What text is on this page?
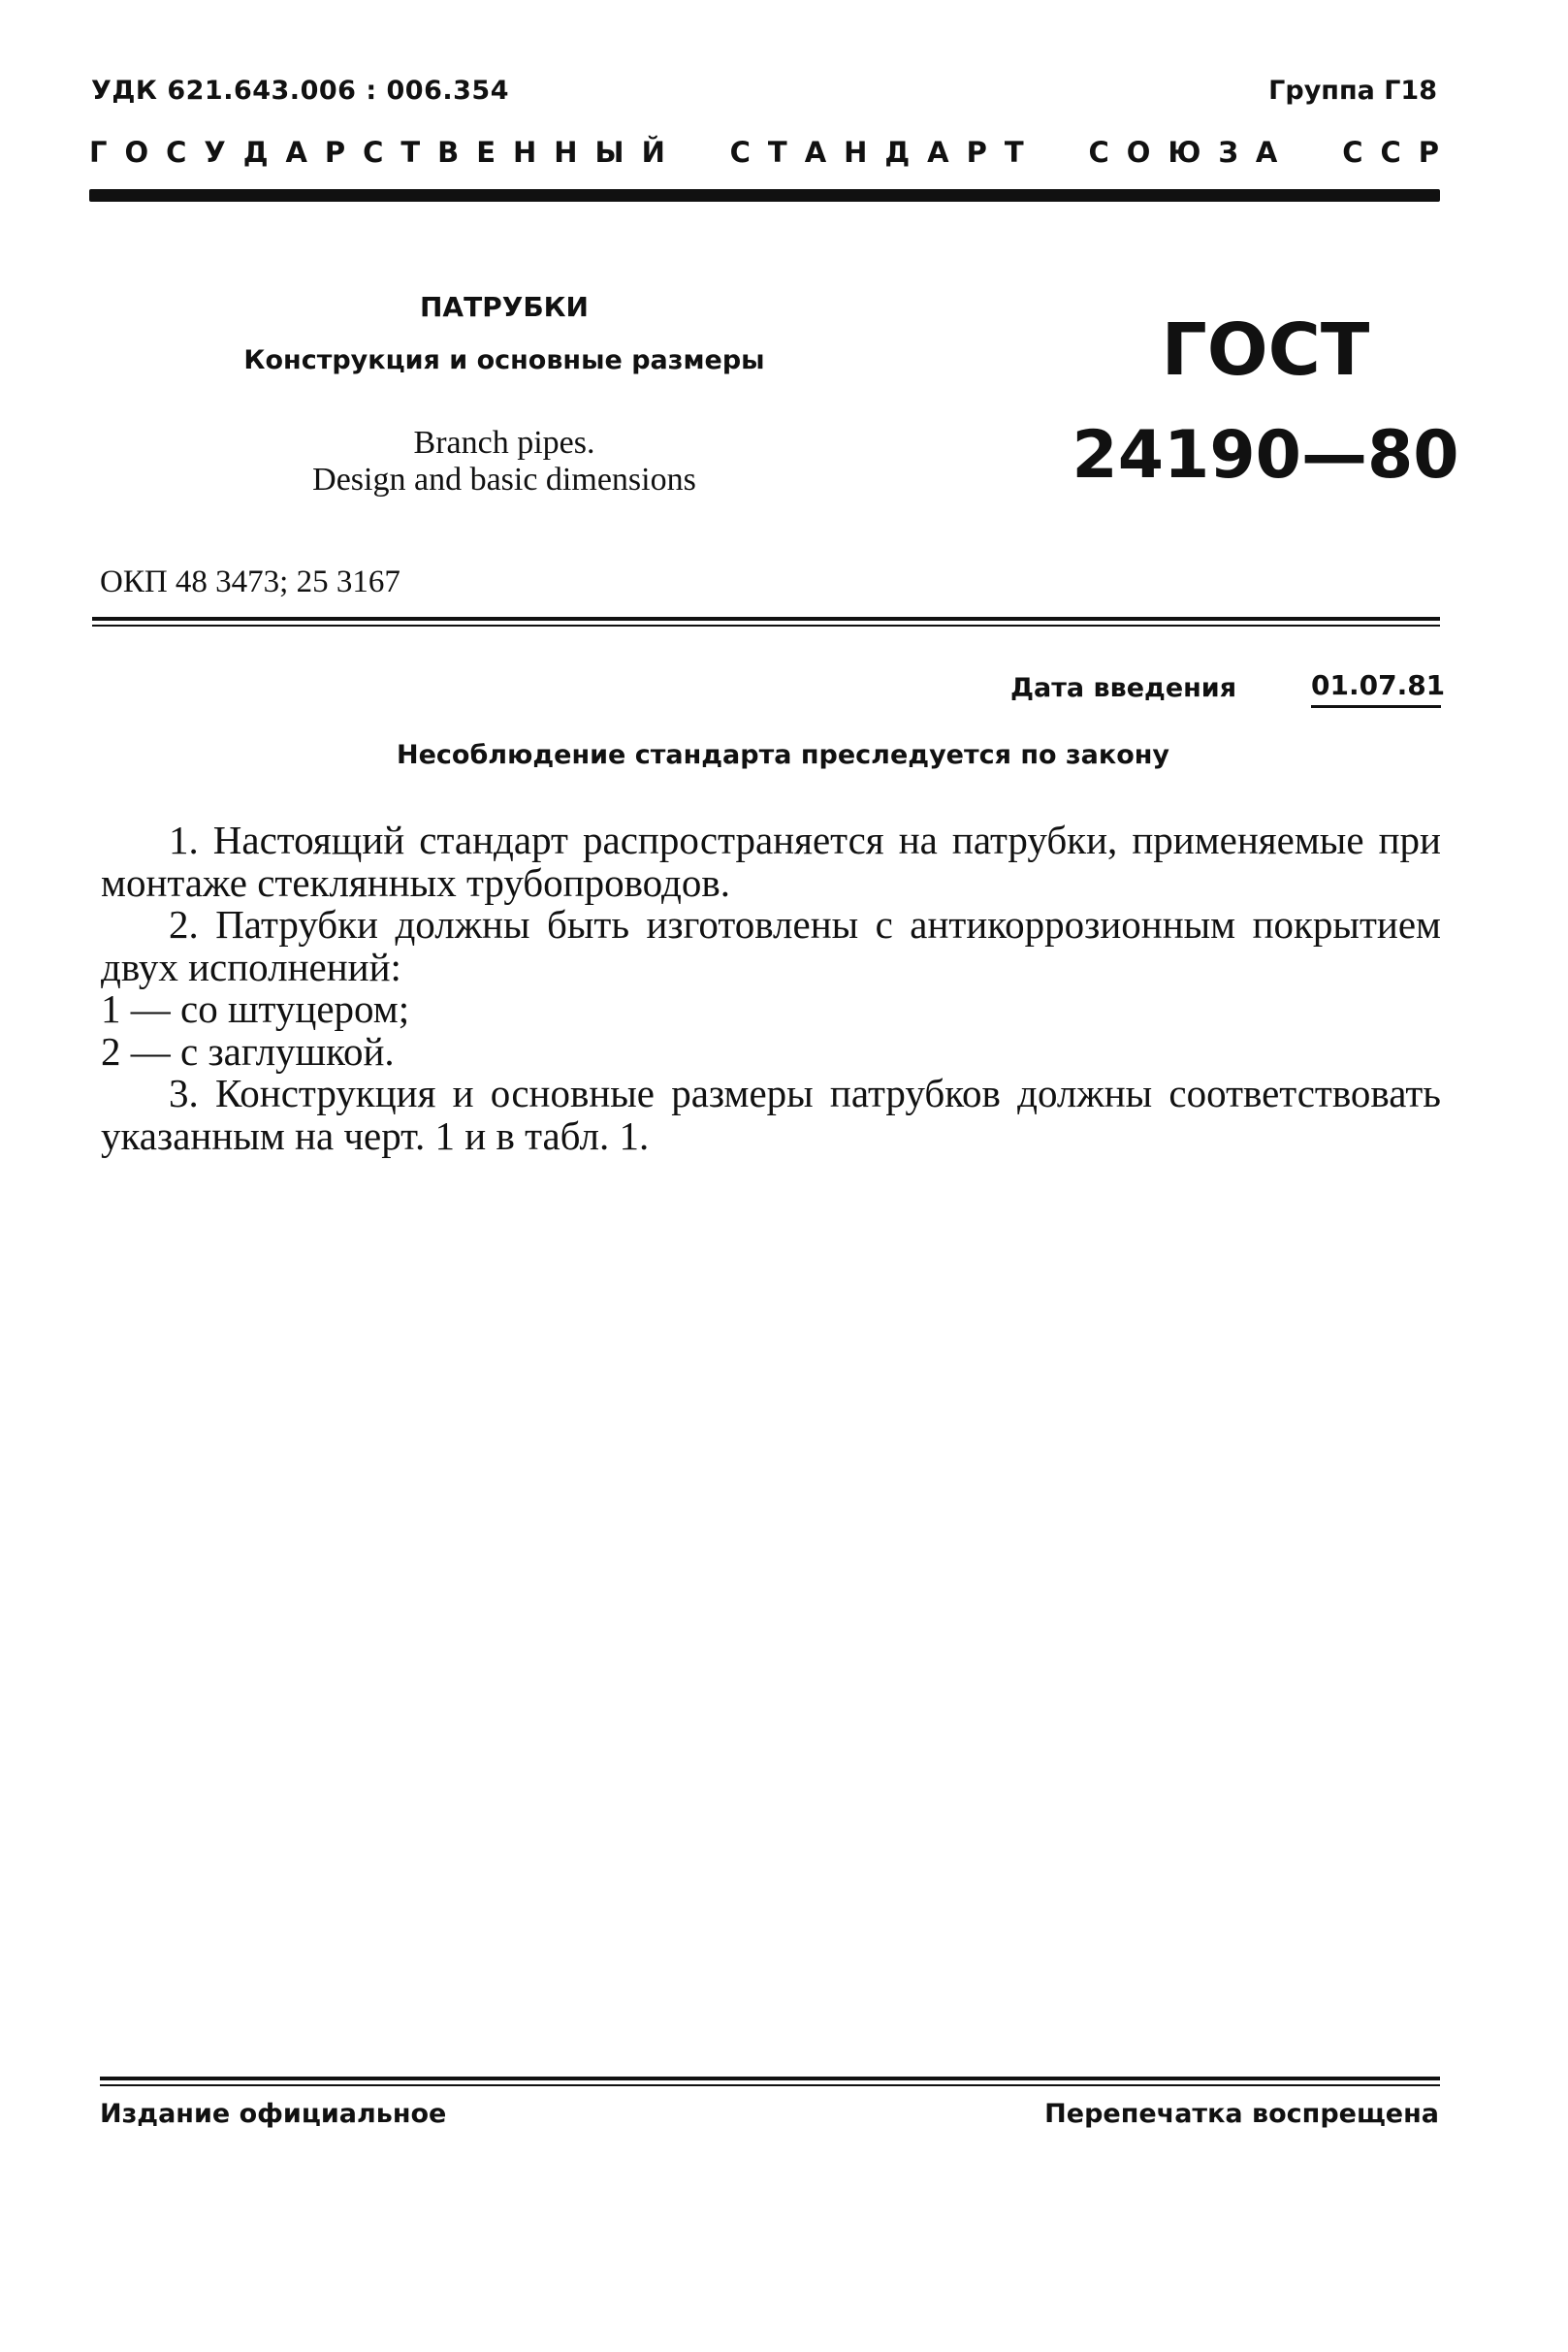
УДК 621.643.006 : 006.354	Группа Г18
ГОСУДАРСТВЕННЫЙ СТАНДАРТ СОЮЗА ССР
ПАТРУБКИ
Конструкция и основные размеры
Branch pipes.
Design and basic dimensions
ГОСТ
24190—80
ОКП 48 3473; 25 3167
Дата введения	01.07.81
Несоблюдение стандарта преследуется по закону

1. Настоящий стандарт распространяется на патрубки, применяемые при монтаже стеклянных трубопроводов.

2. Патрубки должны быть изготовлены с антикоррозионным покрытием двух исполнений:

1 — со штуцером;

2 — с заглушкой.

3. Конструкция и основные размеры патрубков должны соответствовать указанным на черт. 1 и в табл. 1.

Издание официальное	Перепечатка воспрещена
